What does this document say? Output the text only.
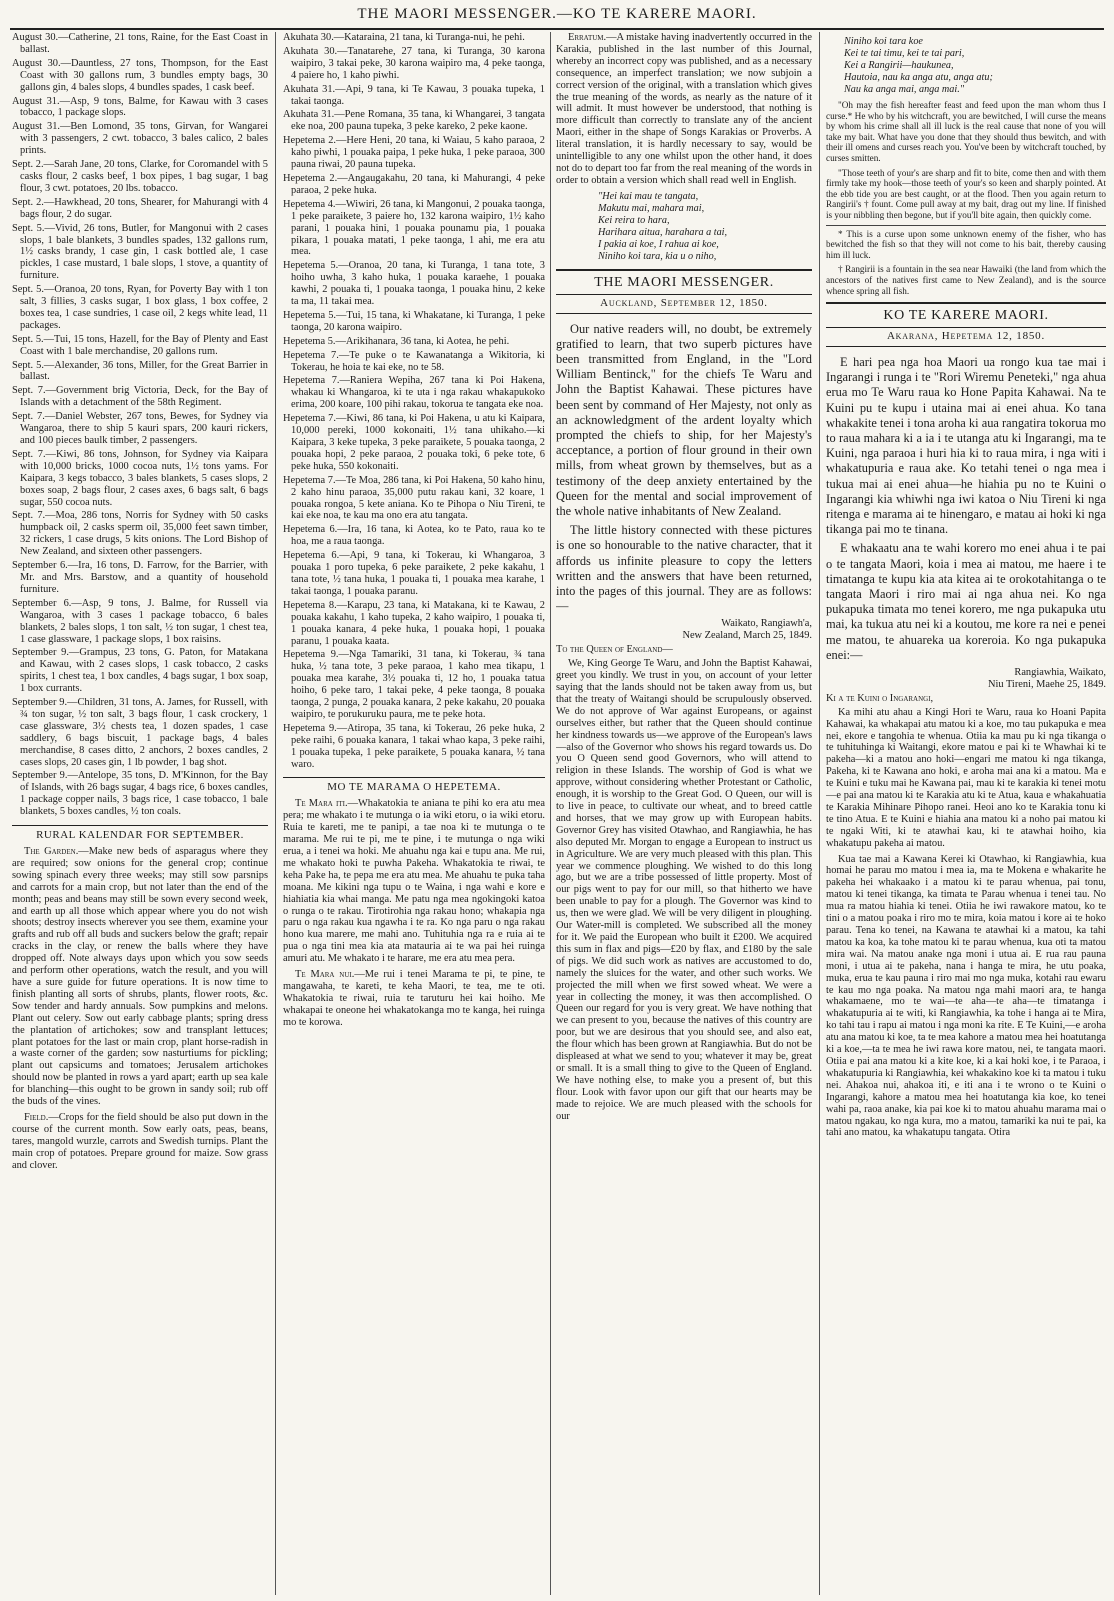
THE MAORI MESSENGER.—KO TE KARERE MAORI.
August 30.—Catherine, 21 tons, Raine, for the East Coast in ballast.
August 30.—Dauntless, 27 tons, Thompson, for the East Coast with 30 gallons rum, 3 bundles empty bags, 30 gallons gin, 4 bales slops, 4 bundles spades, 1 cask beef.
August 31.—Asp, 9 tons, Balme, for Kawau with 3 cases tobacco, 1 package slops.
August 31.—Ben Lomond, 35 tons, Girvan, for Wangarei with 3 passengers, 2 cwt. tobacco, 3 bales calico, 2 bales prints.
Sept. 2.—Sarah Jane, 20 tons, Clarke, for Coromandel with 5 casks flour, 2 casks beef, 1 box pipes, 1 bag sugar, 1 bag flour, 3 cwt. potatoes, 20 lbs. tobacco.
Sept. 2.—Hawkhead, 20 tons, Shearer, for Mahurangi with 4 bags flour, 2 do sugar.
Sept. 5.—Vivid, 26 tons, Butler, for Mangonui with 2 cases slops, 1 bale blankets, 3 bundles spades, 132 gallons rum, 1½ casks brandy, 1 case gin, 1 cask bottled ale, 1 case pickles, 1 case mustard, 1 bale slops, 1 stove, a quantity of furniture.
Sept. 5.—Oranoa, 20 tons, Ryan, for Poverty Bay with 1 ton salt, 3 fillies, 3 casks sugar, 1 box glass, 1 box coffee, 2 boxes tea, 1 case sundries, 1 case oil, 2 kegs white lead, 11 packages.
Sept. 5.—Tui, 15 tons, Hazell, for the Bay of Plenty and East Coast with 1 bale merchandise, 20 gallons rum.
Sept. 5.—Alexander, 36 tons, Miller, for the Great Barrier in ballast.
Sept. 7.—Government brig Victoria, Deck, for the Bay of Islands with a detachment of the 58th Regiment.
Sept. 7.—Daniel Webster, 267 tons, Bewes, for Sydney via Wangaroa, there to ship 5 kauri spars, 200 kauri rickers, and 100 pieces baulk timber, 2 passengers.
Sept. 7.—Kiwi, 86 tons, Johnson, for Sydney via Kaipara with 10,000 bricks, 1000 cocoa nuts, 1½ tons yams. For Kaipara, 3 kegs tobacco, 3 bales blankets, 5 cases slops, 2 boxes soap, 2 bags flour, 2 cases axes, 6 bags salt, 6 bags sugar, 550 cocoa nuts.
Sept. 7.—Moa, 286 tons, Norris for Sydney with 50 casks humpback oil, 2 casks sperm oil, 35,000 feet sawn timber, 32 rickers, 1 case drugs, 5 kits onions. The Lord Bishop of New Zealand, and sixteen other passengers.
September 6.—Ira, 16 tons, D. Farrow, for the Barrier, with Mr. and Mrs. Barstow, and a quantity of household furniture.
September 6.—Asp, 9 tons, J. Balme, for Russell via Wangaroa, with 3 cases 1 package tobacco, 6 bales blankets, 2 bales slops, 1 ton salt, ½ ton sugar, 1 chest tea, 1 case glassware, 1 package slops, 1 box raisins.
September 9.—Grampus, 23 tons, G. Paton, for Matakana and Kawau, with 2 cases slops, 1 cask tobacco, 2 casks spirits, 1 chest tea, 1 box candles, 4 bags sugar, 1 box soap, 1 box currants.
September 9.—Children, 31 tons, A. James, for Russell, with ¾ ton sugar, ½ ton salt, 3 bags flour, 1 cask crockery, 1 case glassware, 3½ chests tea, 1 dozen spades, 1 case saddlery, 6 bags biscuit, 1 package bags, 4 bales merchandise, 8 cases ditto, 2 anchors, 2 boxes candles, 2 cases slops, 20 cases gin, 1 lb powder, 1 bag shot.
September 9.—Antelope, 35 tons, D. M'Kinnon, for the Bay of Islands, with 26 bags sugar, 4 bags rice, 6 boxes candles, 1 package copper nails, 3 bags rice, 1 case tobacco, 1 bale blankets, 5 boxes candles, ½ ton coals.
RURAL KALENDAR FOR SEPTEMBER.
The Garden.—Make new beds of asparagus where they are required; sow onions for the general crop; continue sowing spinach every three weeks; may still sow parsnips and carrots for a main crop, but not later than the end of the month; peas and beans may still be sown every second week, and earth up all those which appear where you do not wish shoots; destroy insects wherever you see them, examine your grafts and rub off all buds and suckers below the graft; repair cracks in the clay, or renew the balls where they have dropped off. Note always days upon which you sow seeds and perform other operations, watch the result, and you will have a sure guide for future operations. It is now time to finish planting all sorts of shrubs, plants, flower roots, &c. Sow tender and hardy annuals. Sow pumpkins and melons. Plant out celery. Sow out early cabbage plants; spring dress the plantation of artichokes; sow and transplant lettuces; plant potatoes for the last or main crop, plant horse-radish in a waste corner of the garden; sow nasturtiums for pickling; plant out capsicums and tomatoes; Jerusalem artichokes should now be planted in rows a yard apart; earth up sea kale for blanching—this ought to be grown in sandy soil; rub off the buds of the vines.
Field.—Crops for the field should be also put down in the course of the current month. Sow early oats, peas, beans, tares, mangold wurzle, carrots and Swedish turnips. Plant the main crop of potatoes. Prepare ground for maize. Sow grass and clover.
Akuhata 30.—Kataraina, 21 tana, ki Turanga-nui, he pehi.
Akuhata 30.—Tanatarehe, 27 tana, ki Turanga, 30 karona waipiro, 3 takai peke, 30 karona waipiro ma, 4 peke taonga, 4 paiere ho, 1 kaho piwhi.
Akuhata 31.—Api, 9 tana, ki Te Kawau, 3 pouaka tupeka, 1 takai taonga.
Akuhata 31.—Pene Romana, 35 tana, ki Whangarei, 3 tangata eke noa, 200 pauna tupeka, 3 peke kareko, 2 peke kaone.
Hepetema 2.—Here Heni, 20 tana, ki Waiau, 5 kaho paraoa, 2 kaho piwhi, 1 pouaka paipa, 1 peke huka, 1 peke paraoa, 300 pauna riwai, 20 pauna tupeka.
Hepetema 2.—Angaugakahu, 20 tana, ki Mahurangi, 4 peke paraoa, 2 peke huka.
Hepetema 4.—Wiwiri, 26 tana, ki Mangonui, 2 pouaka taonga, 1 peke paraikete, 3 paiere ho, 132 karona waipiro, 1½ kaho parani, 1 pouaka hini, 1 pouaka pounamu pia, 1 pouaka pikara, 1 pouaka matati, 1 peke taonga, 1 ahi, me era atu mea.
Hepetema 5.—Oranoa, 20 tana, ki Turanga, 1 tana tote, 3 hoiho uwha, 3 kaho huka, 1 pouaka karaehe, 1 pouaka kawhi, 2 pouaka ti, 1 pouaka taonga, 1 pouaka hinu, 2 keke ta ma, 11 takai mea.
Hepetema 5.—Tui, 15 tana, ki Whakatane, ki Turanga, 1 peke taonga, 20 karona waipiro.
Hepetema 5.—Arikihanara, 36 tana, ki Aotea, he pehi.
Hepetema 7.—Te puke o te Kawanatanga a Wikitoria, ki Tokerau, he hoia te kai eke, no te 58.
Hepetema 7.—Raniera Wepiha, 267 tana ki Poi Hakena, whakau ki Whangaroa, ki te uta i nga rakau whakapukoko erima, 200 koare, 100 pihi rakau, tokorua te tangata eke noa.
Hepetema 7.—Kiwi, 86 tana, ki Poi Hakena, u atu ki Kaipara, 10,000 pereki, 1000 kokonaiti, 1½ tana uhikaho.—ki Kaipara, 3 keke tupeka, 3 peke paraikete, 5 pouaka taonga, 2 pouaka hopi, 2 peke paraoa, 2 pouaka toki, 6 peke tote, 6 peke huka, 550 kokonaiti.
Hepetema 7.—Te Moa, 286 tana, ki Poi Hakena, 50 kaho hinu, 2 kaho hinu paraoa, 35,000 putu rakau kani, 32 koare, 1 pouaka rongoa, 5 kete aniana. Ko te Pihopa o Niu Tireni, te kai eke noa, te kau ma ono era atu tangata.
Hepetema 6.—Ira, 16 tana, ki Aotea, ko te Pato, raua ko te hoa, me a raua taonga.
Hepetema 6.—Api, 9 tana, ki Tokerau, ki Whangaroa, 3 pouaka 1 poro tupeka, 6 peke paraikete, 2 peke kakahu, 1 tana tote, ½ tana huka, 1 pouaka ti, 1 pouaka mea karahe, 1 takai taonga, 1 pouaka paranu.
Hepetema 8.—Karapu, 23 tana, ki Matakana, ki te Kawau, 2 pouaka kakahu, 1 kaho tupeka, 2 kaho waipiro, 1 pouaka ti, 1 pouaka kanara, 4 peke huka, 1 pouaka hopi, 1 pouaka paranu, 1 pouaka kaata.
Hepetema 9.—Nga Tamariki, 31 tana, ki Tokerau, ¾ tana huka, ½ tana tote, 3 peke paraoa, 1 kaho mea tikapu, 1 pouaka mea karahe, 3½ pouaka ti, 12 ho, 1 pouaka tatua hoiho, 6 peke taro, 1 takai peke, 4 peke taonga, 8 pouaka taonga, 2 punga, 2 pouaka kanara, 2 peke kakahu, 20 pouaka waipiro, te porukuruku paura, me te peke hota.
Hepetema 9.—Atiropa, 35 tana, ki Tokerau, 26 peke huka, 2 peke raihi, 6 pouaka kanara, 1 takai whao kapa, 3 peke raihi, 1 pouaka tupeka, 1 peke paraikete, 5 pouaka kanara, ½ tana waro.
MO TE MARAMA O HEPETEMA.
Te Mara iti.—Whakatokia te aniana te pihi ko era atu mea pera; me whakato i te mutunga o ia wiki etoru, o ia wiki etoru. Ruia te kareti, me te panipi, a tae noa ki te mutunga o te marama. Me rui te pi, me te pine, i te mutunga o nga wiki erua, a i tenei wa hoki. Me ahuahu nga kai e tupu ana. Me rui, me whakato hoki te puwha Pakeha. Whakatokia te riwai, te keha Pake ha, te pepa me era atu mea. Me ahuahu te puka taha moana. Me kikini nga tupu o te Waina, i nga wahi e kore e hiahiatia kia whai manga. Me patu nga mea ngokingoki katoa o runga o te rakau. Tirotirohia nga rakau hono; whakapia nga paru o nga rakau kua ngawha i te ra. Ko nga paru o nga rakau hono kua marere, me mahi ano. Tuhituhia nga ra e ruia ai te pua o nga tini mea kia ata matauria ai te wa pai hei ruinga amuri atu. Me whakato i te harare, me era atu mea pera.
Te Mara nui.—Me rui i tenei Marama te pi, te pine, te mangawaha, te kareti, te keha Maori, te tea, me te oti. Whakatokia te riwai, ruia te taruturu hei kai hoiho. Me whakapai te oneone hei whakatokanga mo te kanga, hei ruinga mo te korowa.
Erratum.—A mistake having inadvertently occurred in the Karakia, published in the last number of this Journal, whereby an incorrect copy was published, and as a necessary consequence, an imperfect translation; we now subjoin a correct version of the original, with a translation which gives the true meaning of the words, as nearly as the nature of it will admit. It must however be understood, that nothing is more difficult than correctly to translate any of the ancient Maori, either in the shape of Songs Karakias or Proverbs. A literal translation, it is hardly necessary to say, would be unintelligible to any one whilst upon the other hand, it does not do to depart too far from the real meaning of the words in order to obtain a version which shall read well in English.
"Hei kai mau te tangata,
Makutu mai, mahara mai,
Kei reira to hara,
Harihara aitua, harahara a tai,
I pakia ai koe, I rahua ai koe,
Niniho koi tara, kia u o niho,
THE MAORI MESSENGER.
Auckland, September 12, 1850.
Our native readers will, no doubt, be extremely gratified to learn, that two superb pictures have been transmitted from England, in the "Lord William Bentinck," for the chiefs Te Waru and John the Baptist Kahawai. These pictures have been sent by command of Her Majesty, not only as an acknowledgment of the ardent loyalty which prompted the chiefs to ship, for her Majesty's acceptance, a portion of flour ground in their own mills, from wheat grown by themselves, but as a testimony of the deep anxiety entertained by the Queen for the mental and social improvement of the whole native inhabitants of New Zealand.
The little history connected with these pictures is one so honourable to the native character, that it affords us infinite pleasure to copy the letters written and the answers that have been returned, into the pages of this journal. They are as follows:—
Waikato, Rangiawh'a,
New Zealand, March 25, 1849.
To the Queen of England—
We, King George Te Waru, and John the Baptist Kahawai, greet you kindly. We trust in you, on account of your letter saying that the lands should not be taken away from us, but that the treaty of Waitangi should be scrupulously observed. We do not approve of War against Europeans, or against ourselves either, but rather that the Queen should continue her kindness towards us—we approve of the European's laws—also of the Governor who shows his regard towards us. Do you O Queen send good Governors, who will attend to religion in these Islands. The worship of God is what we approve, without considering whether Protestant or Catholic, enough, it is worship to the Great God. O Queen, our will is to live in peace, to cultivate our wheat, and to breed cattle and horses, that we may grow up with European habits. Governor Grey has visited Otawhao, and Rangiawhia, he has also deputed Mr. Morgan to engage a European to instruct us in Agriculture. We are very much pleased with this plan. This year we commence ploughing. We wished to do this long ago, but we are a tribe possessed of little property. Most of our pigs went to pay for our mill, so that hitherto we have been unable to pay for a plough. The Governor was kind to us, then we were glad. We will be very diligent in ploughing. Our Water-mill is completed. We subscribed all the money for it. We paid the European who built it £200. We acquired this sum in flax and pigs—£20 by flax, and £180 by the sale of pigs. We did such work as natives are accustomed to do, namely the sluices for the water, and other such works. We projected the mill when we first sowed wheat. We were a year in collecting the money, it was then accomplished. O Queen our regard for you is very great. We have nothing that we can present to you, because the natives of this country are poor, but we are desirous that you should see, and also eat, the flour which has been grown at Rangiawhia. But do not be displeased at what we send to you; whatever it may be, great or small. It is a small thing to give to the Queen of England. We have nothing else, to make you a present of, but this flour. Look with favor upon our gift that our hearts may be made to rejoice. We are much pleased with the schools for our
Niniho koi tara koe
Kei te tai timu, kei te tai pari,
Kei a Rangirii—haukunea,
Hautoia, nau ka anga atu, anga atu;
Nau ka anga mai, anga mai."
"Oh may the fish hereafter feast and feed upon the man whom thus I curse.* He who by his witchcraft, you are bewitched, I will curse the means by whom his crime shall all ill luck is the real cause that none of you will take my bait. What have you done that they should thus bewitch, and with their ill omens and curses reach you. You've been by witchcraft touched, by curses smitten.
"Those teeth of your's are sharp and fit to bite, come then and with them firmly take my hook—those teeth of your's so keen and sharply pointed. At the ebb tide you are best caught, or at the flood. Then you again return to Rangirii's † fount. Come pull away at my bait, drag out my line. If finished is your nibbling then begone, but if you'll bite again, then quickly come.
* This is a curse upon some unknown enemy of the fisher, who has bewitched the fish so that they will not come to his bait, thereby causing him ill luck.
† Rangirii is a fountain in the sea near Hawaiki (the land from which the ancestors of the natives first came to New Zealand), and is the source whence spring all fish.
KO TE KARERE MAORI.
Akarana, Hepetema 12, 1850.
E hari pea nga hoa Maori ua rongo kua tae mai i Ingarangi i runga i te "Rori Wiremu Peneteki," nga ahua erua mo Te Waru raua ko Hone Papita Kahawai. Na te Kuini pu te kupu i utaina mai ai enei ahua. Ko tana whakakite tenei i tona aroha ki aua rangatira tokorua mo to raua mahara ki a ia i te utanga atu ki Ingarangi, ma te Kuini, nga paraoa i huri hia ki to raua mira, i nga witi i whakatupuria e raua ake. Ko tetahi tenei o nga mea i tukua mai ai enei ahua—he hiahia pu no te Kuini o Ingarangi kia whiwhi nga iwi katoa o Niu Tireni ki nga ritenga e marama ai te hinengaro, e matau ai hoki ki nga tikanga pai mo te tinana.
E whakaatu ana te wahi korero mo enei ahua i te pai o te tangata Maori, koia i mea ai matou, me haere i te timatanga te kupu kia ata kitea ai te orokotahitanga o te tangata Maori i riro mai ai nga ahua nei. Ko nga pukapuka timata mo tenei korero, me nga pukapuka utu mai, ka tukua atu nei ki a koutou, me kore ra nei e penei me matou, te ahuareka ua koreroia. Ko nga pukapuka enei:—
Rangiawhia, Waikato,
Niu Tireni, Maehe 25, 1849.
Ki a te Kuini o Ingarangi,
Ka mihi atu ahau a Kingi Hori te Waru, raua ko Hoani Papita Kahawai, ka whakapai atu matou ki a koe, mo tau pukapuka e mea nei, ekore e tangohia te whenua. Otiia ka mau pu ki nga tikanga o te tuhituhinga ki Waitangi, ekore matou e pai ki te Whawhai ki te pakeha—ki a matou ano hoki—engari me matou ki nga tikanga, Pakeha, ki te Kawana ano hoki, e aroha mai ana ki a matou. Ma e te Kuini e tuku mai he Kawana pai, mau ki te karakia ki tenei motu—e pai ana matou ki te Karakia atu ki te Atua, kaua e whakahuatia te Karakia Mihinare Pihopo ranei. Heoi ano ko te Karakia tonu ki te tino Atua. E te Kuini e hiahia ana matou ki a noho pai matou ki te ngaki Witi, ki te atawhai kau, ki te atawhai hoiho, kia whakatupu pakeha ai matou.
Kua tae mai a Kawana Kerei ki Otawhao, ki Rangiawhia, kua homai he parau mo matou i mea ia, ma te Mokena e whakarite he pakeha hei whakaako i a matou ki te parau whenua, pai tonu, matou ki tenei tikanga, ka timata te Parau whenua i tenei tau. No mua ra matou hiahia ki tenei. Otiia he iwi rawakore matou, ko te tini o a matou poaka i riro mo te mira, koia matou i kore ai te hoko parau. Tena ko tenei, na Kawana te atawhai ki a matou, ka tahi matou ka koa, ka tohe matou ki te parau whenua, kua oti ta matou mira wai. Na matou anake nga moni i utua ai. E rua rau pauna moni, i utua ai te pakeha, nana i hanga te mira, he utu poaka, muka, erua te kau pauna i riro mai mo nga muka, kotahi rau ewaru te kau mo nga poaka. Na matou nga mahi maori ara, te hanga whakamaene, mo te wai—te aha—te aha—te timatanga i whakatupuria ai te witi, ki Rangiawhia, ka tohe i hanga ai te Mira, ko tahi tau i rapu ai matou i nga moni ka rite. E Te Kuini,—e aroha atu ana matou ki koe, ta te mea kahore a matou mea hei hoatutanga ki a koe,—ta te mea he iwi rawa kore matou, nei, te tangata maori. Otiia e pai ana matou ki a kite koe, ki a kai hoki koe, i te Paraoa, i whakatupuria ki Rangiawhia, kei whakakino koe ki ta matou i tuku nei. Ahakoa nui, ahakoa iti, e iti ana i te wrono o te Kuini o Ingarangi, kahore a matou mea hei hoatutanga kia koe, ko tenei wahi pa, raoa anake, kia pai koe ki to matou ahuahu marama mai o matou ngakau, ko nga kura, mo a matou, tamariki ka nui te pai, ka tahi ano matou, ka whakatupu tangata. Otira
